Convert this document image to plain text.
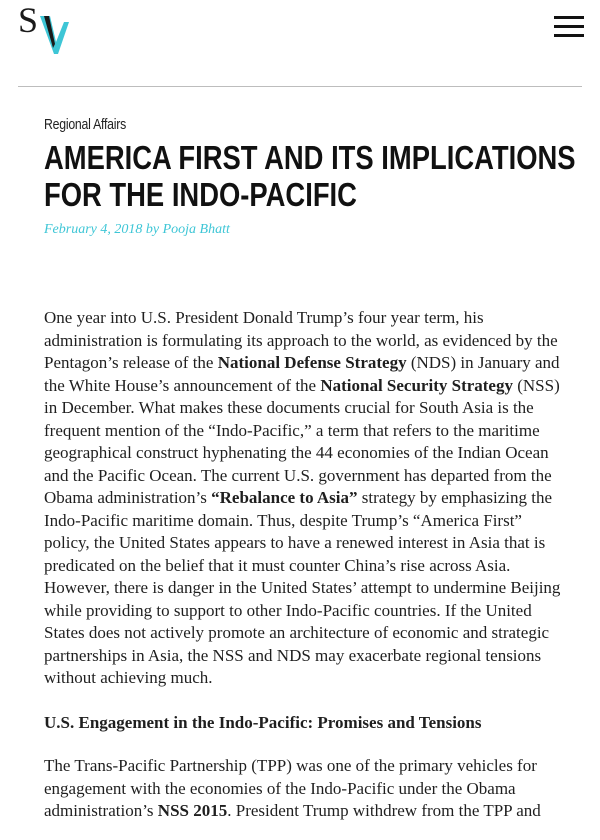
S
Regional Affairs
AMERICA FIRST AND ITS IMPLICATIONS
FOR THE INDO-PACIFIC
February 4, 2018 by Pooja Bhatt

One year into U.S. President Donald Trump’s four year term, his administration is formulating its approach to the world, as evidenced by the Pentagon’s release of the National Defense Strategy (NDS) in January and the White House’s announcement of the National Security Strategy (NSS) in December. What makes these documents crucial for South Asia is the frequent mention of the “Indo-Pacific,” a term that refers to the maritime geographical construct hyphenating the 44 economies of the Indian Ocean and the Pacific Ocean. The current U.S. government has departed from the Obama administration’s “Rebalance to Asia” strategy by emphasizing the Indo-Pacific maritime domain. Thus, despite Trump’s “America First” policy, the United States appears to have a renewed interest in Asia that is predicated on the belief that it must counter China’s rise across Asia. However, there is danger in the United States’ attempt to undermine Beijing while providing to support to other Indo-Pacific countries. If the United States does not actively promote an architecture of economic and strategic partnerships in Asia, the NSS and NDS may exacerbate regional tensions without achieving much.

U.S. Engagement in the Indo-Pacific: Promises and Tensions

The Trans-Pacific Partnership (TPP) was one of the primary vehicles for engagement with the economies of the Indo-Pacific under the Obama administration’s NSS 2015. President Trump withdrew from the TPP and
